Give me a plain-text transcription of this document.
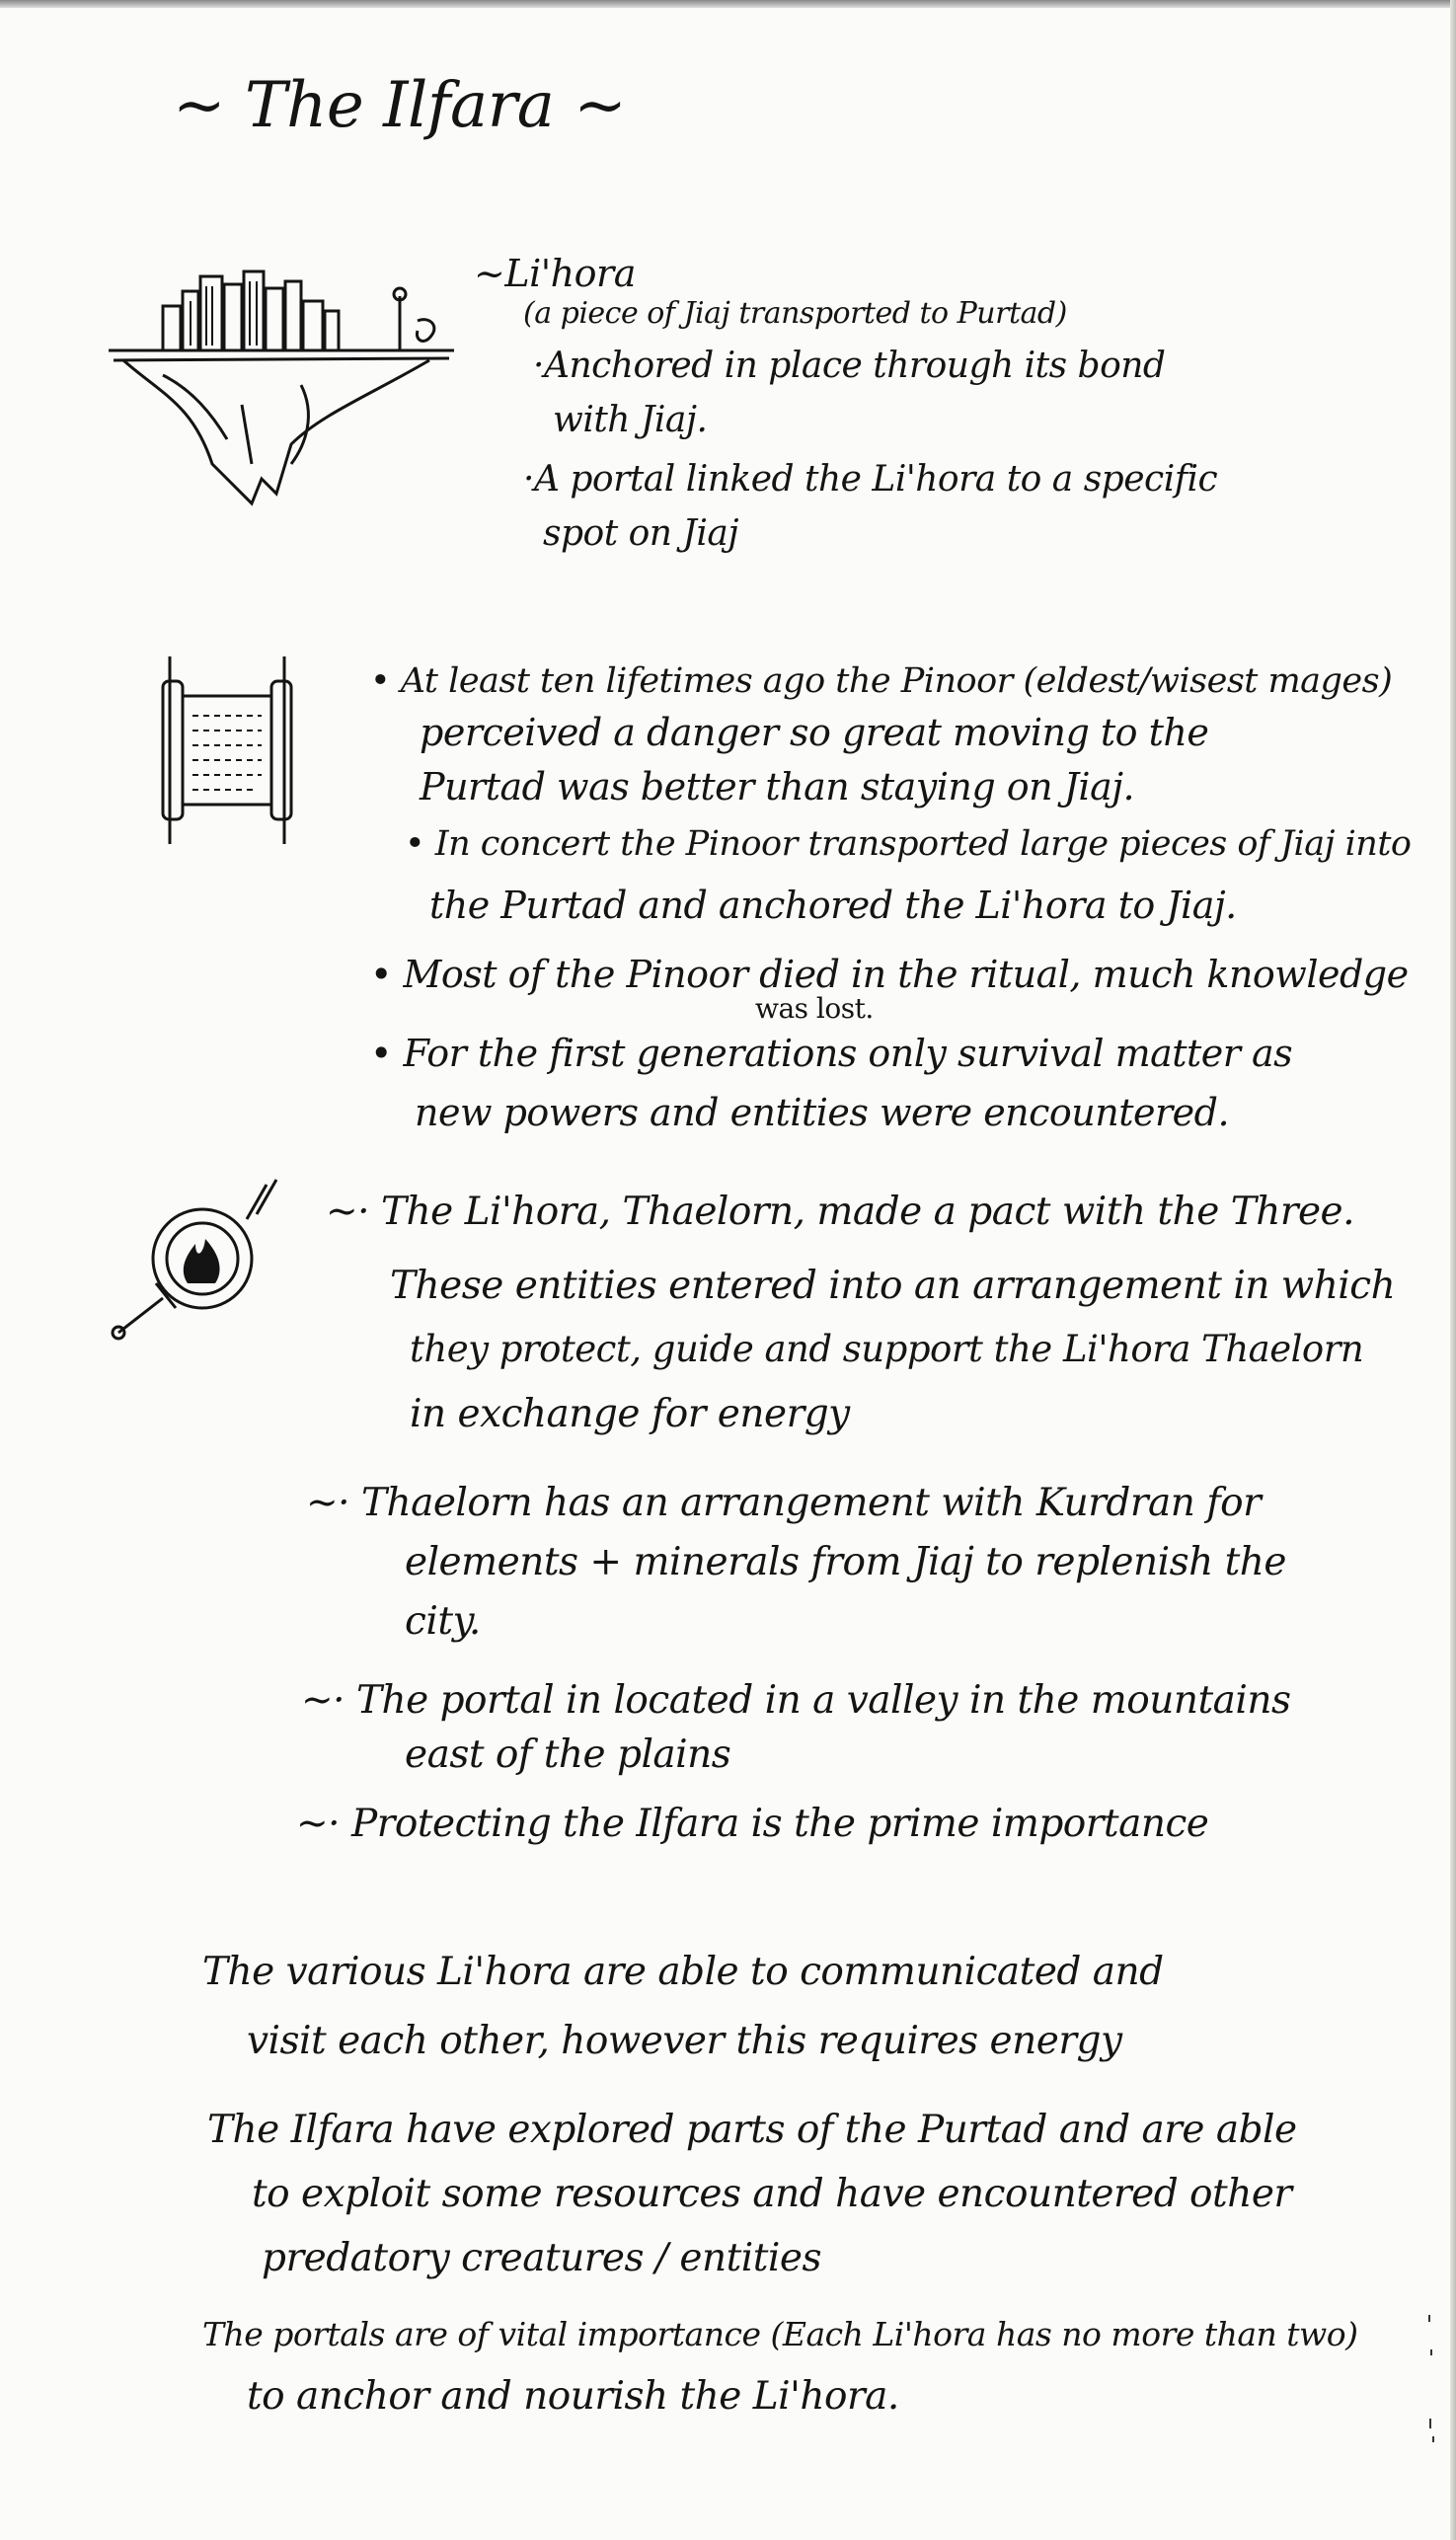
~ The Ilfara ~
~Li'hora
(a piece of Jiaj transported to Purtad)
·Anchored in place through its bond
with Jiaj.
·A portal linked the Li'hora to a specific
spot on Jiaj
• At least ten lifetimes ago the Pinoor (eldest/wisest mages)
perceived a danger so great moving to the
Purtad was better than staying on Jiaj.
• In concert the Pinoor transported large pieces of Jiaj into
the Purtad and anchored the Li'hora to Jiaj.
• Most of the Pinoor died in the ritual, much knowledge
was lost.
• For the first generations only survival matter as
new powers and entities were encountered.
~· The Li'hora, Thaelorn, made a pact with the Three.
These entities entered into an arrangement in which
they protect, guide and support the Li'hora Thaelorn
in exchange for energy
~· Thaelorn has an arrangement with Kurdran for
elements + minerals from Jiaj to replenish the
city.
~· The portal in located in a valley in the mountains
east of the plains
~· Protecting the Ilfara is the prime importance
The various Li'hora are able to communicated and
visit each other, however this requires energy
The Ilfara have explored parts of the Purtad and are able
to exploit some resources and have encountered other
predatory creatures / entities
The portals are of vital importance (Each Li'hora has no more than two)
to anchor and nourish the Li'hora.
